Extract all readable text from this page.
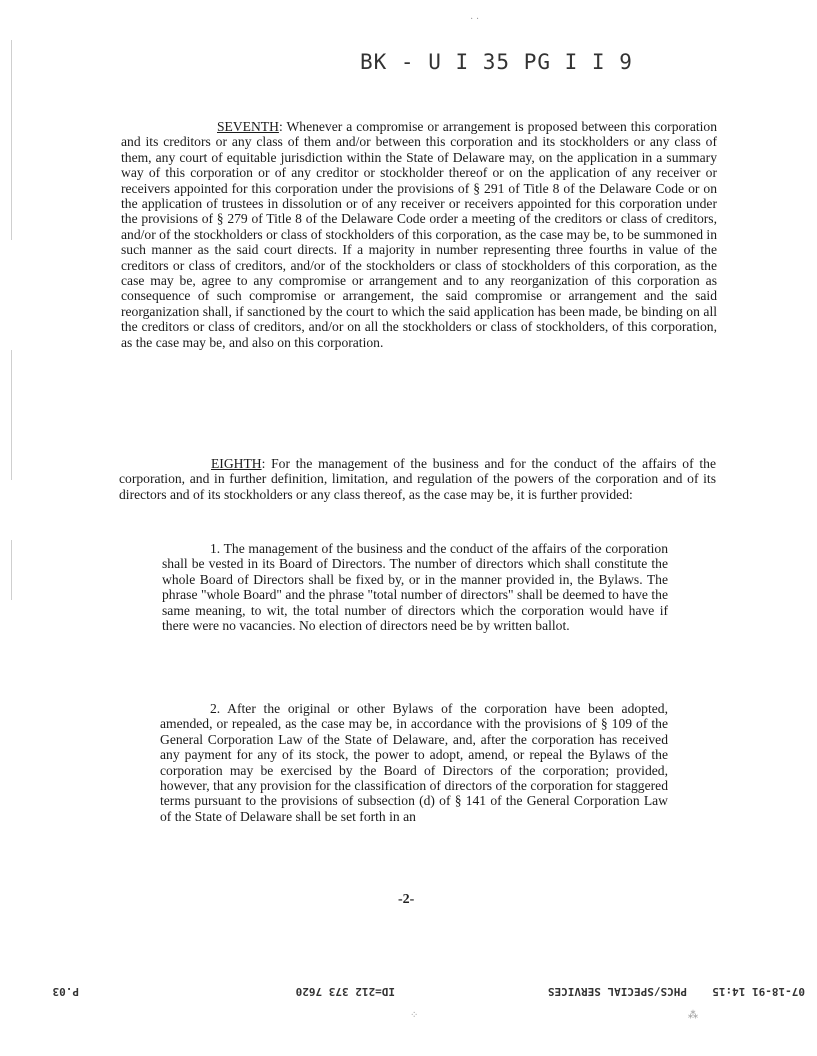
· ·
⁘	⁂
BK - U I 35 PG I I 9

SEVENTH: Whenever a compromise or arrangement is proposed between this corporation and its creditors or any class of them and/or between this corporation and its stockholders or any class of them, any court of equitable jurisdiction within the State of Delaware may, on the application in a summary way of this corporation or of any creditor or stockholder thereof or on the application of any receiver or receivers appointed for this corporation under the provisions of § 291 of Title 8 of the Delaware Code or on the application of trustees in dissolution or of any receiver or receivers appointed for this corporation under the provisions of § 279 of Title 8 of the Delaware Code order a meeting of the creditors or class of creditors, and/or of the stockholders or class of stockholders of this corporation, as the case may be, to be summoned in such manner as the said court directs. If a majority in number representing three fourths in value of the creditors or class of creditors, and/or of the stockholders or class of stockholders of this corporation, as the case may be, agree to any compromise or arrangement and to any reorganization of this corporation as consequence of such compromise or arrangement, the said compromise or arrangement and the said reorganization shall, if sanctioned by the court to which the said application has been made, be binding on all the creditors or class of creditors, and/or on all the stockholders or class of stockholders, of this corporation, as the case may be, and also on this corporation.

EIGHTH: For the management of the business and for the conduct of the affairs of the corporation, and in further definition, limitation, and regulation of the powers of the corporation and of its directors and of its stockholders or any class thereof, as the case may be, it is further provided:

1. The management of the business and the conduct of the affairs of the corporation shall be vested in its Board of Directors. The number of directors which shall constitute the whole Board of Directors shall be fixed by, or in the manner provided in, the Bylaws. The phrase "whole Board" and the phrase "total number of directors" shall be deemed to have the same meaning, to wit, the total number of directors which the corporation would have if there were no vacancies. No election of directors need be by written ballot.

2. After the original or other Bylaws of the corporation have been adopted, amended, or repealed, as the case may be, in accordance with the provisions of § 109 of the General Corporation Law of the State of Delaware, and, after the corporation has received any payment for any of its stock, the power to adopt, amend, or repeal the Bylaws of the corporation may be exercised by the Board of Directors of the corporation; provided, however, that any provision for the classification of directors of the corporation for staggered terms pursuant to the provisions of subsection (d) of § 141 of the General Corporation Law of the State of Delaware shall be set forth in an

-2-
07-18-91 14:15
PHCS/SPECIAL SERVICES
ID=212 373 7620
P.03
